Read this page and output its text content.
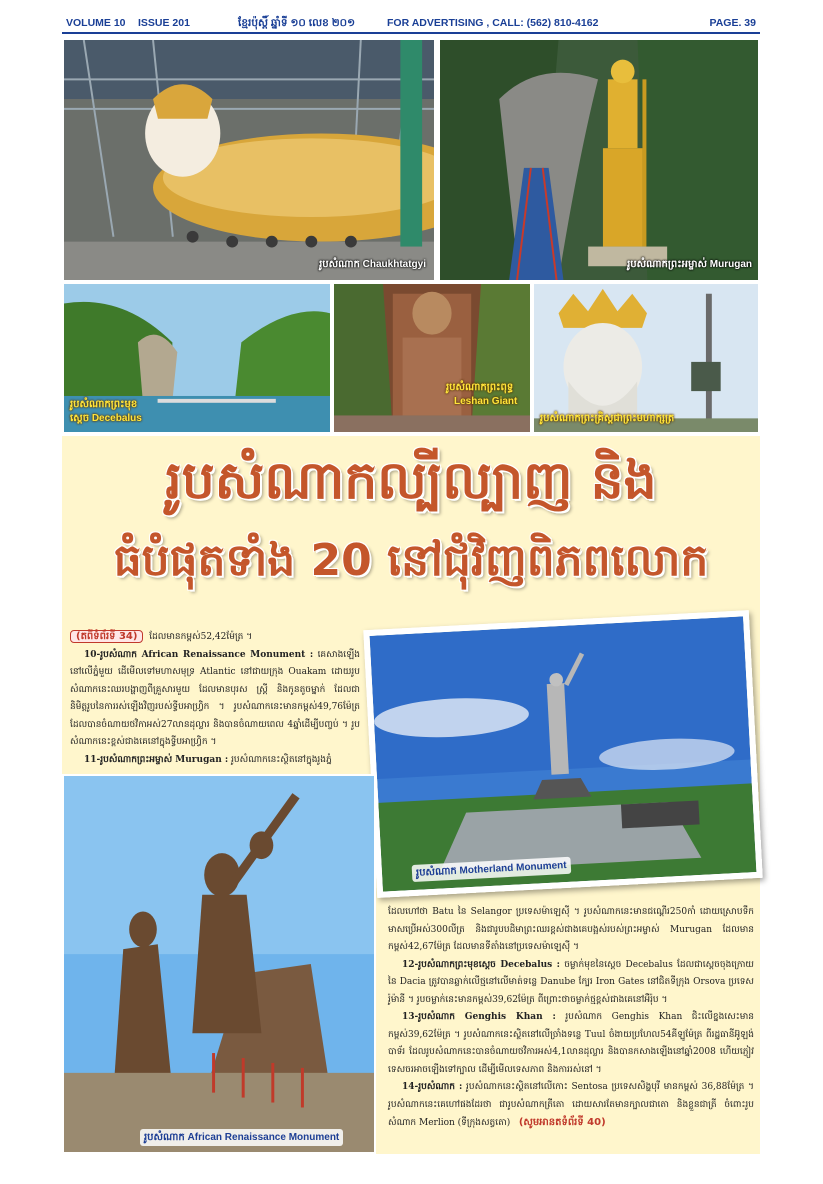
VOLUME 10 ISSUE 201	ខ្មែរប៉ុស្ដិ៍ ឆ្នាំទី ១០ លេខ ២០១	FOR ADVERTISING , CALL: (562) 810-4162	PAGE. 39
រូបសំណាក Chaukhtatgyi	រូបសំណាកព្រះអម្ចាស់ Murugan
រូបសំណាកព្រះមុខ
ស្ដេច Decebalus
រូបសំណាកព្រះពុទ្ធ
Leshan Giant
រូបសំណាកព្រះគ្រិស្ដជាព្រះមហាក្សត្រ
រូបសំណាកល្បីល្បាញ និង
ធំបំផុតទាំង 20 នៅជុំវិញពិភពលោក

(តពីទំព័រទី 34) ដែលមានកម្ពស់52,42ម៉ែត្រ ។

10-រូបសំណាក African Renaissance Monument : គេសាងឡើងនៅលើភ្នំមួយ ដើមើលទៅមហាសមុទ្រ Atlantic នៅជាយក្រុង Ouakam ដោយរូបសំណាកនេះឈរបង្ហាញពីគ្រួសារមួយ ដែលមានបុរស ស្ត្រី និងកូនតូចម្នាក់ ដែលជានិមិត្តរូបនៃការរស់ឡើងវិញរបស់ទ្វីបអាហ្វ្រិក ។ រូបសំណាកនេះមានកម្ពស់49,76ម៉ែត្រ ដែលបានចំណាយថវិកាអស់27លានដុល្លារ និងបានចំណាយពេល 4ឆ្នាំដើម្បីបញ្ចប់ ។ រូបសំណាកនេះខ្ពស់ជាងគេនៅក្នុងទ្វីបអាហ្វ្រិក ។

11-រូបសំណាកព្រះអម្ចាស់ Murugan : រូបសំណាកនេះស្ថិតនៅក្នុងរូងភ្នំ

រូបសំណាក Motherland Monument
រូបសំណាក African Renaissance Monument

ដែលហៅថា Batu នៃ Selangor ប្រទេសម៉ាឡេស៊ី ។ រូបសំណាកនេះមានជណ្ដើរ250កាំ ដោយស្រោបទឹកមាសប្រើអស់300លីត្រ និងជារូបបដិមាព្រះឈរខ្ពស់ជាងគេបង្អស់របស់ព្រះអម្ចាស់ Murugan ដែលមានកម្ពស់42,67ម៉ែត្រ ដែលមានទីតាំងនៅប្រទេសម៉ាឡេស៊ី ។

12-រូបសំណាកព្រះមុខស្ដេច Decebalus : ចម្លាក់មុខនៃស្ដេច Decebalus ដែលជាស្ដេចចុងក្រោយនៃ Dacia ត្រូវបានឆ្លាក់លើថ្មនៅលើមាត់ទន្លេ Danube ក្បែរ Iron Gates នៅជិតទីក្រុង Orsova ប្រទេសរ៉ូម៉ានី ។ រូបចម្លាក់នេះមានកម្ពស់39,62ម៉ែត្រ ពីព្រោះថាចម្លាក់ថ្មខ្ពស់ជាងគេនៅអឺរ៉ុប ។

13-រូបសំណាក Genghis Khan : រូបសំណាក Genghis Khan ជិះលើខ្នងសេះមានកម្ពស់39,62ម៉ែត្រ ។ រូបសំណាកនេះស្ថិតនៅលើច្រាំងទន្លេ Tuul ចំងាយប្រហែល54គីឡូម៉ែត្រ ពីរដ្ឋធានីអ៊ូឡង់បាទ័រ ដែលរូបសំណាកនេះបានចំណាយថវិការអស់4,1លានដុល្លារ និងបានកសាងឡើងនៅឆ្នាំ2008 ហើយភ្ញៀវទេសចរអាចឡើងទៅក្បាល ដើម្បីមើលទេសភាព និងការរស់នៅ ។

14-រូបសំណាក : រូបសំណាកនេះស្ថិតនៅលើកោះ Sentosa ប្រទេសសិង្ហបុរី មានកម្ពស់ 36,88ម៉ែត្រ ។ រូបសំណាកនេះគេហៅផងដែរថា ជារូបសំណាកត្រីតោ ដោយសារតែមានក្បាលជាតោ និងខ្លួនជាត្រី ចំពោះរូបសំណាក Merlion (ទីក្រុងសត្វតោ) (សូមអានតទំព័រទី 40)
